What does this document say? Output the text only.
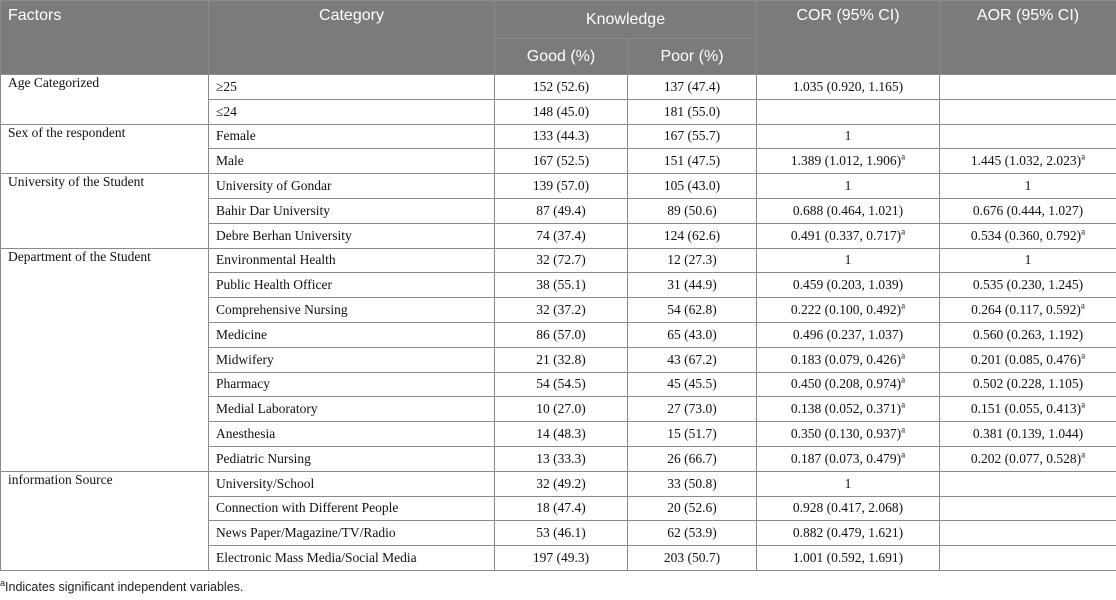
Factors	Category	Knowledge		COR (95% CI)	AOR (95% CI)
		Good (%)	Poor (%)		
Age Categorized	≥25	152 (52.6)	137 (47.4)	1.035 (0.920, 1.165)	
	≤24	148 (45.0)	181 (55.0)		
Sex of the respondent	Female	133 (44.3)	167 (55.7)	1	
	Male	167 (52.5)	151 (47.5)	1.389 (1.012, 1.906)$^a$	1.445 (1.032, 2.023)$^a$
University of the Student	University of Gondar	139 (57.0)	105 (43.0)	1	1
	Bahir Dar University	87 (49.4)	89 (50.6)	0.688 (0.464, 1.021)	0.676 (0.444, 1.027)
	Debre Berhan University	74 (37.4)	124 (62.6)	0.491 (0.337, 0.717)$^a$	0.534 (0.360, 0.792)$^a$
Department of the Student	Environmental Health	32 (72.7)	12 (27.3)	1	1
	Public Health Officer	38 (55.1)	31 (44.9)	0.459 (0.203, 1.039)	0.535 (0.230, 1.245)
	Comprehensive Nursing	32 (37.2)	54 (62.8)	0.222 (0.100, 0.492)$^a$	0.264 (0.117, 0.592)$^a$
	Medicine	86 (57.0)	65 (43.0)	0.496 (0.237, 1.037)	0.560 (0.263, 1.192)
	Midwifery	21 (32.8)	43 (67.2)	0.183 (0.079, 0.426)$^a$	0.201 (0.085, 0.476)$^a$
	Pharmacy	54 (54.5)	45 (45.5)	0.450 (0.208, 0.974)$^a$	0.502 (0.228, 1.105)
	Medial Laboratory	10 (27.0)	27 (73.0)	0.138 (0.052, 0.371)$^a$	0.151 (0.055, 0.413)$^a$
	Anesthesia	14 (48.3)	15 (51.7)	0.350 (0.130, 0.937)$^a$	0.381 (0.139, 1.044)
	Pediatric Nursing	13 (33.3)	26 (66.7)	0.187 (0.073, 0.479)$^a$	0.202 (0.077, 0.528)$^a$
information Source	University/School	32 (49.2)	33 (50.8)	1	
	Connection with Different People	18 (47.4)	20 (52.6)	0.928 (0.417, 2.068)	
	News Paper/Magazine/TV/Radio	53 (46.1)	62 (53.9)	0.882 (0.479, 1.621)	
	Electronic Mass Media/Social Media	197 (49.3)	203 (50.7)	1.001 (0.592, 1.691)	
$^a$Indicates significant independent variables.
